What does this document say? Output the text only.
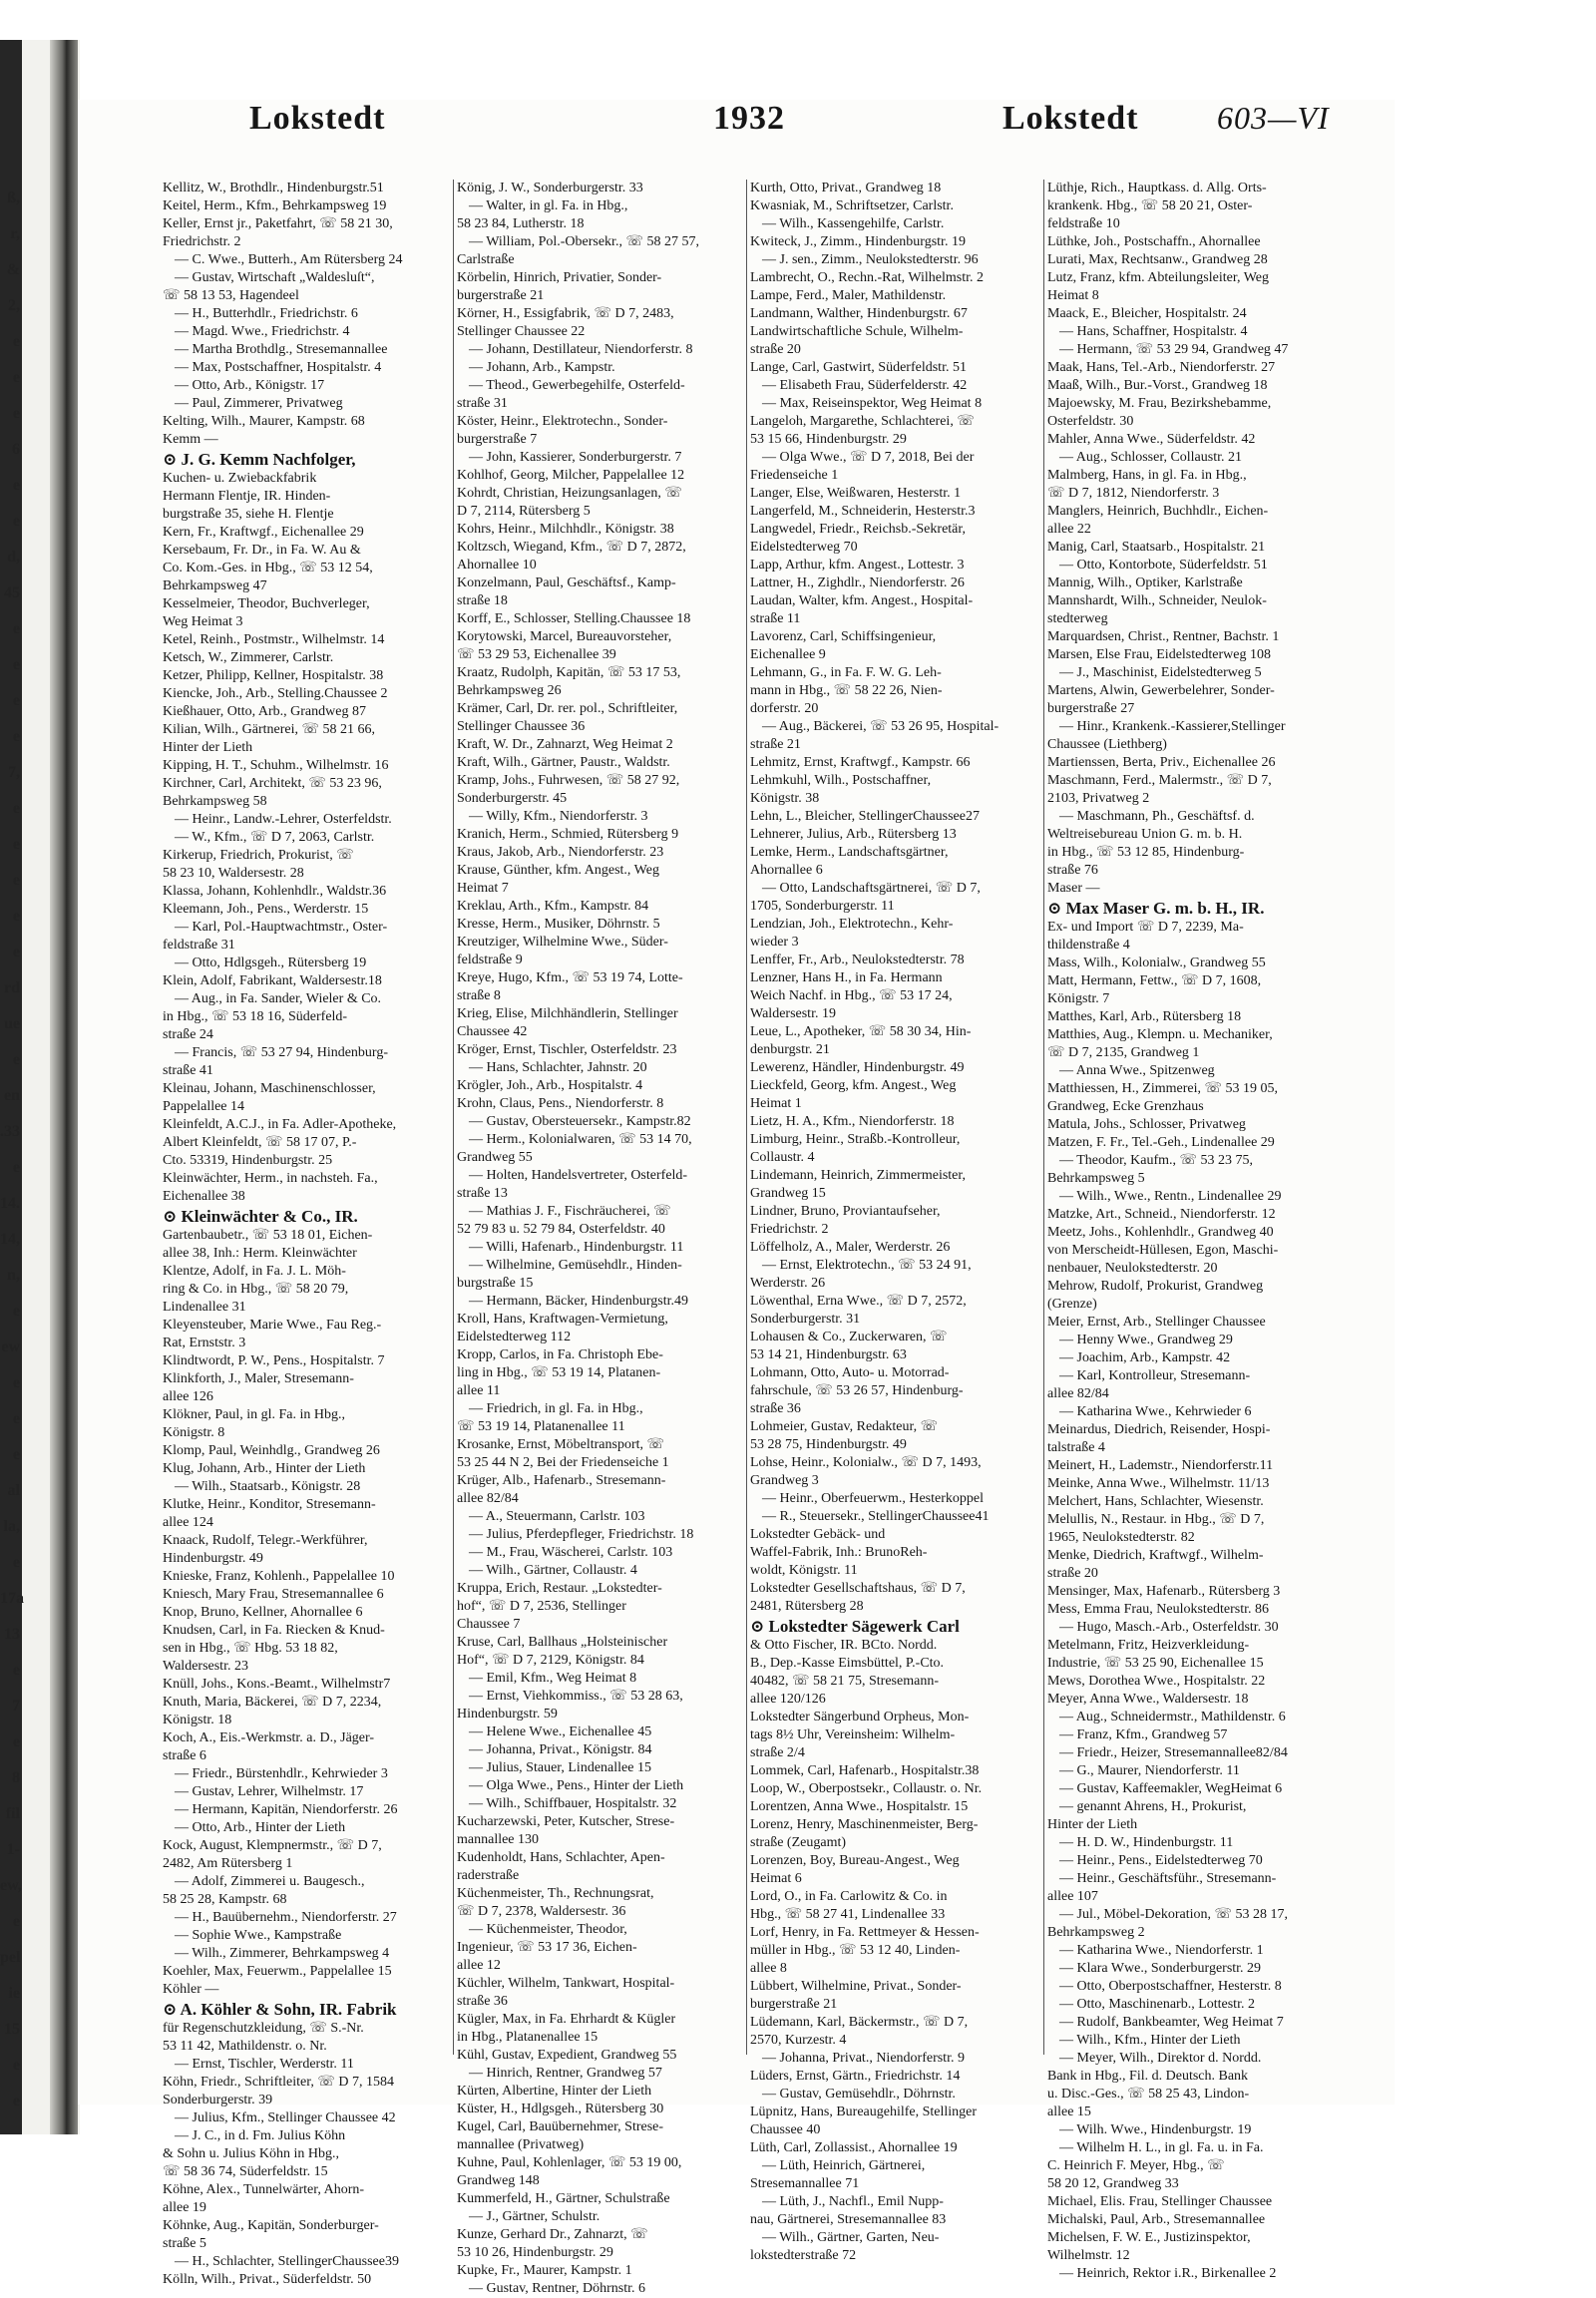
ß,
r,
&
2,
e
е
e
6
e
e
d,
45
e
e
e
e
7,
e
e
e
e
e
rd
ue
e
en
.33
e
14.
14,
n,
e
ew
e
e
e
al
la,
e
17a
13
e
7
e
8
fil
1-
ew,
e
pel
ie
15
e
e
Lokstedt	1932	Lokstedt 603—VI
Kellitz, W., Brothdlr., Hindenburgstr.51
Keitel, Herm., Kfm., Behrkampsweg 19
Keller, Ernst jr., Paketfahrt, ☏ 58 21 30,
Friedrichstr. 2
— C. Wwe., Butterh., Am Rütersberg 24
— Gustav, Wirtschaft „Waldesluſt“,
☏ 58 13 53, Hagendeel
— H., Butterhdlr., Friedrichstr. 6
— Magd. Wwe., Friedrichstr. 4
— Martha Brothdlg., Stresemannallee
— Max, Postschaffner, Hospitalstr. 4
— Otto, Arb., Königstr. 17
— Paul, Zimmerer, Privatweg
Kelting, Wilh., Maurer, Kampstr. 68
Kemm —
⊙ J. G. Kemm Nachfolger,
Kuchen- u. Zwiebackfabrik
Hermann Flentje, IR. Hinden-
burgstraße 35, siehe H. Flentje
Kern, Fr., Kraftwgf., Eichenallee 29
Kersebaum, Fr. Dr., in Fa. W. Au &
Co. Kom.-Ges. in Hbg., ☏ 53 12 54,
Behrkampsweg 47
Kesselmeier, Theodor, Buchverleger,
Weg Heimat 3
Ketel, Reinh., Postmstr., Wilhelmstr. 14
Ketsch, W., Zimmerer, Carlstr.
Ketzer, Philipp, Kellner, Hospitalstr. 38
Kiencke, Joh., Arb., Stelling.Chaussee 2
Kießhauer, Otto, Arb., Grandweg 87
Kilian, Wilh., Gärtnerei, ☏ 58 21 66,
Hinter der Lieth
Kipping, H. T., Schuhm., Wilhelmstr. 16
Kirchner, Carl, Architekt, ☏ 53 23 96,
Behrkampsweg 58
— Heinr., Landw.-Lehrer, Osterfeldstr.
— W., Kfm., ☏ D 7, 2063, Carlstr.
Kirkerup, Friedrich, Prokurist, ☏
58 23 10, Waldersestr. 28
Klassa, Johann, Kohlenhdlr., Waldstr.36
Kleemann, Joh., Pens., Werderstr. 15
— Karl, Pol.-Hauptwachtmstr., Oster-
feldstraße 31
— Otto, Hdlgsgeh., Rütersberg 19
Klein, Adolf, Fabrikant, Waldersestr.18
— Aug., in Fa. Sander, Wieler & Co.
in Hbg., ☏ 53 18 16, Süderfeld-
straße 24
— Francis, ☏ 53 27 94, Hindenburg-
straße 41
Kleinau, Johann, Maschinenschlosser,
Pappelallee 14
Kleinfeldt, A.C.J., in Fa. Adler-Apotheke,
Albert Kleinfeldt, ☏ 58 17 07, P.-
Cto. 53319, Hindenburgstr. 25
Kleinwächter, Herm., in nachsteh. Fa.,
Eichenallee 38
⊙ Kleinwächter & Co., IR.
Gartenbaubetr., ☏ 53 18 01, Eichen-
allee 38, Inh.: Herm. Kleinwächter
Klentze, Adolf, in Fa. J. L. Möh-
ring & Co. in Hbg., ☏ 58 20 79,
Lindenallee 31
Kleyensteuber, Marie Wwe., Fau Reg.-
Rat, Ernststr. 3
Klindtwordt, P. W., Pens., Hospitalstr. 7
Klinkforth, J., Maler, Stresemann-
allee 126
Klökner, Paul, in gl. Fa. in Hbg.,
Königstr. 8
Klomp, Paul, Weinhdlg., Grandweg 26
Klug, Johann, Arb., Hinter der Lieth
— Wilh., Staatsarb., Königstr. 28
Klutke, Heinr., Konditor, Stresemann-
allee 124
Knaack, Rudolf, Telegr.-Werkführer,
Hindenburgstr. 49
Knieske, Franz, Kohlenh., Pappelallee 10
Kniesch, Mary Frau, Stresemannallee 6
Knop, Bruno, Kellner, Ahornallee 6
Knudsen, Carl, in Fa. Riecken & Knud-
sen in Hbg., ☏ Hbg. 53 18 82,
Waldersestr. 23
Knüll, Johs., Kons.-Beamt., Wilhelmstr7
Knuth, Maria, Bäckerei, ☏ D 7, 2234,
Königstr. 18
Koch, A., Eis.-Werkmstr. a. D., Jäger-
straße 6
— Friedr., Bürstenhdlr., Kehrwieder 3
— Gustav, Lehrer, Wilhelmstr. 17
— Hermann, Kapitän, Niendorferstr. 26
— Otto, Arb., Hinter der Lieth
Kock, August, Klempnermstr., ☏ D 7,
2482, Am Rütersberg 1
— Adolf, Zimmerei u. Baugesch.,
58 25 28, Kampstr. 68
— H., Bauübernehm., Niendorferstr. 27
— Sophie Wwe., Kampstraße
— Wilh., Zimmerer, Behrkampsweg 4
Koehler, Max, Feuerwm., Pappelallee 15
Köhler —
⊙ A. Köhler & Sohn, IR. Fabrik
für Regenschutzkleidung, ☏ S.-Nr.
53 11 42, Mathildenstr. o. Nr.
— Ernst, Tischler, Werderstr. 11
Köhn, Friedr., Schriftleiter, ☏ D 7, 1584
Sonderburgerstr. 39
— Julius, Kfm., Stellinger Chaussee 42
— J. C., in d. Fm. Julius Köhn
& Sohn u. Julius Köhn in Hbg.,
☏ 58 36 74, Süderfeldstr. 15
Köhne, Alex., Tunnelwärter, Ahorn-
allee 19
Köhnke, Aug., Kapitän, Sonderburger-
straße 5
— H., Schlachter, StellingerChaussee39
Kölln, Wilh., Privat., Süderfeldstr. 50
König, J. W., Sonderburgerstr. 33
— Walter, in gl. Fa. in Hbg.,
58 23 84, Lutherstr. 18
— William, Pol.-Obersekr., ☏ 58 27 57,
Carlstraße
Körbelin, Hinrich, Privatier, Sonder-
burgerstraße 21
Körner, H., Essigfabrik, ☏ D 7, 2483,
Stellinger Chaussee 22
— Johann, Destillateur, Niendorferstr. 8
— Johann, Arb., Kampstr.
— Theod., Gewerbegehilfe, Osterfeld-
straße 31
Köster, Heinr., Elektrotechn., Sonder-
burgerstraße 7
— John, Kassierer, Sonderburgerstr. 7
Kohlhof, Georg, Milcher, Pappelallee 12
Kohrdt, Christian, Heizungsanlagen, ☏
D 7, 2114, Rütersberg 5
Kohrs, Heinr., Milchhdlr., Königstr. 38
Koltzsch, Wiegand, Kfm., ☏ D 7, 2872,
Ahornallee 10
Konzelmann, Paul, Geschäftsf., Kamp-
straße 18
Korff, E., Schlosser, Stelling.Chaussee 18
Korytowski, Marcel, Bureauvorsteher,
☏ 53 29 53, Eichenallee 39
Kraatz, Rudolph, Kapitän, ☏ 53 17 53,
Behrkampsweg 26
Krämer, Carl, Dr. rer. pol., Schriftleiter,
Stellinger Chaussee 36
Kraft, W. Dr., Zahnarzt, Weg Heimat 2
Kraft, Wilh., Gärtner, Paustr., Waldstr.
Kramp, Johs., Fuhrwesen, ☏ 58 27 92,
Sonderburgerstr. 45
— Willy, Kfm., Niendorferstr. 3
Kranich, Herm., Schmied, Rütersberg 9
Kraus, Jakob, Arb., Niendorferstr. 23
Krause, Günther, kfm. Angest., Weg
Heimat 7
Kreklau, Arth., Kfm., Kampstr. 84
Kresse, Herm., Musiker, Döhrnstr. 5
Kreutziger, Wilhelmine Wwe., Süder-
feldstraße 9
Kreye, Hugo, Kfm., ☏ 53 19 74, Lotte-
straße 8
Krieg, Elise, Milchhändlerin, Stellinger
Chaussee 42
Kröger, Ernst, Tischler, Osterfeldstr. 23
— Hans, Schlachter, Jahnstr. 20
Krögler, Joh., Arb., Hospitalstr. 4
Krohn, Claus, Pens., Niendorferstr. 8
— Gustav, Obersteuersekr., Kampstr.82
— Herm., Kolonialwaren, ☏ 53 14 70,
Grandweg 55
— Holten, Handelsvertreter, Osterfeld-
straße 13
— Mathias J. F., Fischräucherei, ☏
52 79 83 u. 52 79 84, Osterfeldstr. 40
— Willi, Hafenarb., Hindenburgstr. 11
— Wilhelmine, Gemüsehdlr., Hinden-
burgstraße 15
— Hermann, Bäcker, Hindenburgstr.49
Kroll, Hans, Kraftwagen-Vermietung,
Eidelstedterweg 112
Kropp, Carlos, in Fa. Christoph Ebe-
ling in Hbg., ☏ 53 19 14, Platanen-
allee 11
— Friedrich, in gl. Fa. in Hbg.,
☏ 53 19 14, Platanenallee 11
Krosanke, Ernst, Möbeltransport, ☏
53 25 44 N 2, Bei der Friedenseiche 1
Krüger, Alb., Hafenarb., Stresemann-
allee 82/84
— A., Steuermann, Carlstr. 103
— Julius, Pferdepfleger, Friedrichstr. 18
— M., Frau, Wäscherei, Carlstr. 103
— Wilh., Gärtner, Collaustr. 4
Kruppa, Erich, Restaur. „Lokstedter-
hof“, ☏ D 7, 2536, Stellinger
Chaussee 7
Kruse, Carl, Ballhaus „Holsteinischer
Hof“, ☏ D 7, 2129, Königstr. 84
— Emil, Kfm., Weg Heimat 8
— Ernst, Viehkommiss., ☏ 53 28 63,
Hindenburgstr. 59
— Helene Wwe., Eichenallee 45
— Johanna, Privat., Königstr. 84
— Julius, Stauer, Lindenallee 15
— Olga Wwe., Pens., Hinter der Lieth
— Wilh., Schiffbauer, Hospitalstr. 32
Kucharzewski, Peter, Kutscher, Strese-
mannallee 130
Kudenholdt, Hans, Schlachter, Apen-
raderstraße
Küchenmeister, Th., Rechnungsrat,
☏ D 7, 2378, Waldersestr. 36
— Küchenmeister, Theodor,
Ingenieur, ☏ 53 17 36, Eichen-
allee 12
Küchler, Wilhelm, Tankwart, Hospital-
straße 36
Kügler, Max, in Fa. Ehrhardt & Kügler
in Hbg., Platanenallee 15
Kühl, Gustav, Expedient, Grandweg 55
— Hinrich, Rentner, Grandweg 57
Kürten, Albertine, Hinter der Lieth
Küster, H., Hdlgsgeh., Rütersberg 30
Kugel, Carl, Bauübernehmer, Strese-
mannallee (Privatweg)
Kuhne, Paul, Kohlenlager, ☏ 53 19 00,
Grandweg 148
Kummerfeld, H., Gärtner, Schulstraße
— J., Gärtner, Schulstr.
Kunze, Gerhard Dr., Zahnarzt, ☏
53 10 26, Hindenburgstr. 29
Kupke, Fr., Maurer, Kampstr. 1
— Gustav, Rentner, Döhrnstr. 6
Kurth, Otto, Privat., Grandweg 18
Kwasniak, M., Schriftsetzer, Carlstr.
— Wilh., Kassengehilfe, Carlstr.
Kwiteck, J., Zimm., Hindenburgstr. 19
— J. sen., Zimm., Neulokstedterstr. 96
Lambrecht, O., Rechn.-Rat, Wilhelmstr. 2
Lampe, Ferd., Maler, Mathildenstr.
Landmann, Walther, Hindenburgstr. 67
Landwirtschaftliche Schule, Wilhelm-
straße 20
Lange, Carl, Gastwirt, Süderfeldstr. 51
— Elisabeth Frau, Süderfelderstr. 42
— Max, Reiseinspektor, Weg Heimat 8
Langeloh, Margarethe, Schlachterei, ☏
53 15 66, Hindenburgstr. 29
— Olga Wwe., ☏ D 7, 2018, Bei der
Friedenseiche 1
Langer, Else, Weißwaren, Hesterstr. 1
Langerfeld, M., Schneiderin, Hesterstr.3
Langwedel, Friedr., Reichsb.-Sekretär,
Eidelstedterweg 70
Lapp, Arthur, kfm. Angest., Lottestr. 3
Lattner, H., Zighdlr., Niendorferstr. 26
Laudan, Walter, kfm. Angest., Hospital-
straße 11
Lavorenz, Carl, Schiffsingenieur,
Eichenallee 9
Lehmann, G., in Fa. F. W. G. Leh-
mann in Hbg., ☏ 58 22 26, Nien-
dorferstr. 20
— Aug., Bäckerei, ☏ 53 26 95, Hospital-
straße 21
Lehmitz, Ernst, Kraftwgf., Kampstr. 66
Lehmkuhl, Wilh., Postschaffner,
Königstr. 38
Lehn, L., Bleicher, StellingerChaussee27
Lehnerer, Julius, Arb., Rütersberg 13
Lemke, Herm., Landschaftsgärtner,
Ahornallee 6
— Otto, Landschaftsgärtnerei, ☏ D 7,
1705, Sonderburgerstr. 11
Lendzian, Joh., Elektrotechn., Kehr-
wieder 3
Lenffer, Fr., Arb., Neulokstedterstr. 78
Lenzner, Hans H., in Fa. Hermann
Weich Nachf. in Hbg., ☏ 53 17 24,
Waldersestr. 19
Leue, L., Apotheker, ☏ 58 30 34, Hin-
denburgstr. 21
Lewerenz, Händler, Hindenburgstr. 49
Lieckfeld, Georg, kfm. Angest., Weg
Heimat 1
Lietz, H. A., Kfm., Niendorferstr. 18
Limburg, Heinr., Straßb.-Kontrolleur,
Collaustr. 4
Lindemann, Heinrich, Zimmermeister,
Grandweg 15
Lindner, Bruno, Proviantaufseher,
Friedrichstr. 2
Löffelholz, A., Maler, Werderstr. 26
— Ernst, Elektrotechn., ☏ 53 24 91,
Werderstr. 26
Löwenthal, Erna Wwe., ☏ D 7, 2572,
Sonderburgerstr. 31
Lohausen & Co., Zuckerwaren, ☏
53 14 21, Hindenburgstr. 63
Lohmann, Otto, Auto- u. Motorrad-
fahrschule, ☏ 53 26 57, Hindenburg-
straße 36
Lohmeier, Gustav, Redakteur, ☏
53 28 75, Hindenburgstr. 49
Lohse, Heinr., Kolonialw., ☏ D 7, 1493,
Grandweg 3
— Heinr., Oberfeuerwm., Hesterkoppel
— R., Steuersekr., StellingerChaussee41
Lokstedter Gebäck- und
Waffel-Fabrik, Inh.: BrunoReh-
woldt, Königstr. 11
Lokstedter Gesellschaftshaus, ☏ D 7,
2481, Rütersberg 28
⊙ Lokstedter Sägewerk Carl
& Otto Fischer, IR. BCto. Nordd.
B., Dep.-Kasse Eimsbüttel, P.-Cto.
40482, ☏ 58 21 75, Stresemann-
allee 120/126
Lokstedter Sängerbund Orpheus, Mon-
tags 8½ Uhr, Vereinsheim: Wilhelm-
straße 2/4
Lommek, Carl, Hafenarb., Hospitalstr.38
Loop, W., Oberpostsekr., Collaustr. o. Nr.
Lorentzen, Anna Wwe., Hospitalstr. 15
Lorenz, Henry, Maschinenmeister, Berg-
straße (Zeugamt)
Lorenzen, Boy, Bureau-Angest., Weg
Heimat 6
Lord, O., in Fa. Carlowitz & Co. in
Hbg., ☏ 58 27 41, Lindenallee 33
Lorf, Henry, in Fa. Rettmeyer & Hessen-
müller in Hbg., ☏ 53 12 40, Linden-
allee 8
Lübbert, Wilhelmine, Privat., Sonder-
burgerstraße 21
Lüdemann, Karl, Bäckermstr., ☏ D 7,
2570, Kurzestr. 4
— Johanna, Privat., Niendorferstr. 9
Lüders, Ernst, Gärtn., Friedrichstr. 14
— Gustav, Gemüsehdlr., Döhrnstr.
Lüpnitz, Hans, Bureaugehilfe, Stellinger
Chaussee 40
Lüth, Carl, Zollassist., Ahornallee 19
— Lüth, Heinrich, Gärtnerei,
Stresemannallee 71
— Lüth, J., Nachfl., Emil Nupp-
nau, Gärtnerei, Stresemannallee 83
— Wilh., Gärtner, Garten, Neu-
lokstedterstraße 72
Lüthje, Rich., Hauptkass. d. Allg. Orts-
krankenk. Hbg., ☏ 58 20 21, Oster-
feldstraße 10
Lüthke, Joh., Postschaffn., Ahornallee
Lurati, Max, Rechtsanw., Grandweg 28
Lutz, Franz, kfm. Abteilungsleiter, Weg
Heimat 8
Maack, E., Bleicher, Hospitalstr. 24
— Hans, Schaffner, Hospitalstr. 4
— Hermann, ☏ 53 29 94, Grandweg 47
Maak, Hans, Tel.-Arb., Niendorferstr. 27
Maaß, Wilh., Bur.-Vorst., Grandweg 18
Majoewsky, M. Frau, Bezirkshebamme,
Osterfeldstr. 30
Mahler, Anna Wwe., Süderfeldstr. 42
— Aug., Schlosser, Collaustr. 21
Malmberg, Hans, in gl. Fa. in Hbg.,
☏ D 7, 1812, Niendorferstr. 3
Manglers, Heinrich, Buchhdlr., Eichen-
allee 22
Manig, Carl, Staatsarb., Hospitalstr. 21
— Otto, Kontorbote, Süderfeldstr. 51
Mannig, Wilh., Optiker, Karlstraße
Mannshardt, Wilh., Schneider, Neulok-
stedterweg
Marquardsen, Christ., Rentner, Bachstr. 1
Marsen, Else Frau, Eidelstedterweg 108
— J., Maschinist, Eidelstedterweg 5
Martens, Alwin, Gewerbelehrer, Sonder-
burgerstraße 27
— Hinr., Krankenk.-Kassierer,Stellinger
Chaussee (Liethberg)
Martienssen, Berta, Priv., Eichenallee 26
Maschmann, Ferd., Malermstr., ☏ D 7,
2103, Privatweg 2
— Maschmann, Ph., Geschäftsf. d.
Weltreisebureau Union G. m. b. H.
in Hbg., ☏ 53 12 85, Hindenburg-
straße 76
Maser —
⊙ Max Maser G. m. b. H., IR.
Ex- und Import ☏ D 7, 2239, Ma-
thildenstraße 4
Mass, Wilh., Kolonialw., Grandweg 55
Matt, Hermann, Fettw., ☏ D 7, 1608,
Königstr. 7
Matthes, Karl, Arb., Rütersberg 18
Matthies, Aug., Klempn. u. Mechaniker,
☏ D 7, 2135, Grandweg 1
— Anna Wwe., Spitzenweg
Matthiessen, H., Zimmerei, ☏ 53 19 05,
Grandweg, Ecke Grenzhaus
Matula, Johs., Schlosser, Privatweg
Matzen, F. Fr., Tel.-Geh., Lindenallee 29
— Theodor, Kaufm., ☏ 53 23 75,
Behrkampsweg 5
— Wilh., Wwe., Rentn., Lindenallee 29
Matzke, Art., Schneid., Niendorferstr. 12
Meetz, Johs., Kohlenhdlr., Grandweg 40
von Merscheidt-Hüllesen, Egon, Maschi-
nenbauer, Neulokstedterstr. 20
Mehrow, Rudolf, Prokurist, Grandweg
(Grenze)
Meier, Ernst, Arb., Stellinger Chaussee
— Henny Wwe., Grandweg 29
— Joachim, Arb., Kampstr. 42
— Karl, Kontrolleur, Stresemann-
allee 82/84
— Katharina Wwe., Kehrwieder 6
Meinardus, Diedrich, Reisender, Hospi-
talstraße 4
Meinert, H., Lademstr., Niendorferstr.11
Meinke, Anna Wwe., Wilhelmstr. 11/13
Melchert, Hans, Schlachter, Wiesenstr.
Melullis, N., Restaur. in Hbg., ☏ D 7,
1965, Neulokstedterstr. 82
Menke, Diedrich, Kraftwgf., Wilhelm-
straße 20
Mensinger, Max, Hafenarb., Rütersberg 3
Mess, Emma Frau, Neulokstedterstr. 86
— Hugo, Masch.-Arb., Osterfeldstr. 30
Metelmann, Fritz, Heizverkleidung-
Industrie, ☏ 53 25 90, Eichenallee 15
Mews, Dorothea Wwe., Hospitalstr. 22
Meyer, Anna Wwe., Waldersestr. 18
— Aug., Schneidermstr., Mathildenstr. 6
— Franz, Kfm., Grandweg 57
— Friedr., Heizer, Stresemannallee82/84
— G., Maurer, Niendorferstr. 11
— Gustav, Kaffeemakler, WegHeimat 6
— genannt Ahrens, H., Prokurist,
Hinter der Lieth
— H. D. W., Hindenburgstr. 11
— Heinr., Pens., Eidelstedterweg 70
— Heinr., Geschäftsführ., Stresemann-
allee 107
— Jul., Möbel-Dekoration, ☏ 53 28 17,
Behrkampsweg 2
— Katharina Wwe., Niendorferstr. 1
— Klara Wwe., Sonderburgerstr. 29
— Otto, Oberpostschaffner, Hesterstr. 8
— Otto, Maschinenarb., Lottestr. 2
— Rudolf, Bankbeamter, Weg Heimat 7
— Wilh., Kfm., Hinter der Lieth
— Meyer, Wilh., Direktor d. Nordd.
Bank in Hbg., Fil. d. Deutsch. Bank
u. Disc.-Ges., ☏ 58 25 43, Lindon-
allee 15
— Wilh. Wwe., Hindenburgstr. 19
— Wilhelm H. L., in gl. Fa. u. in Fa.
C. Heinrich F. Meyer, Hbg., ☏
58 20 12, Grandweg 33
Michael, Elis. Frau, Stellinger Chaussee
Michalski, Paul, Arb., Stresemannallee
Michelsen, F. W. E., Justizinspektor,
Wilhelmstr. 12
— Heinrich, Rektor i.R., Birkenallee 2
